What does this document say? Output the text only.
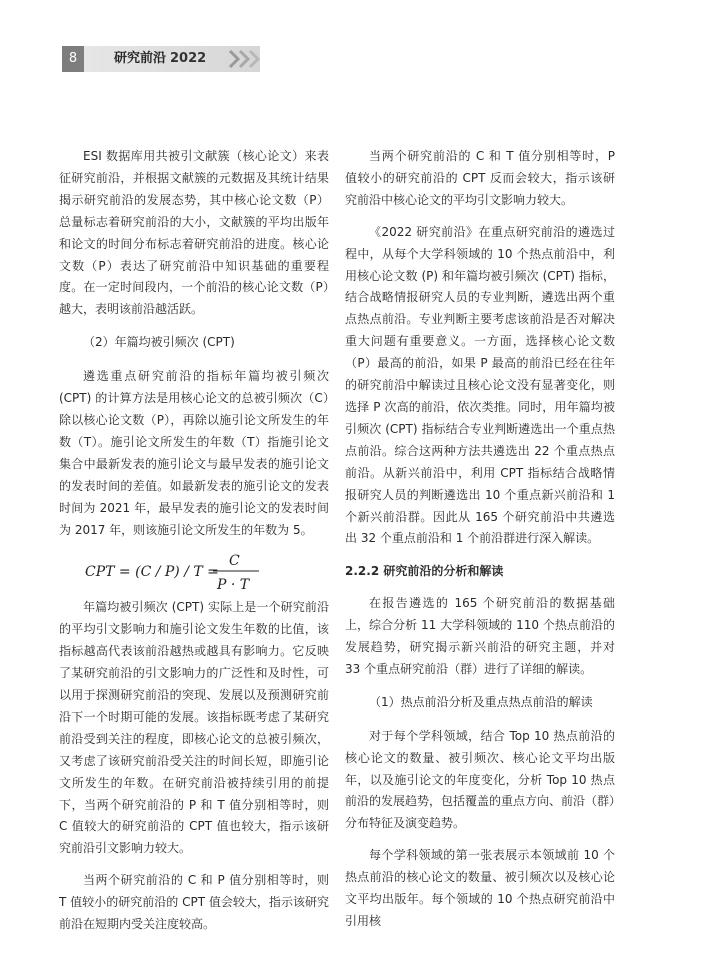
8	研究前沿 2022

ESI 数据库用共被引文献簇（核心论文）来表征研究前沿，并根据文献簇的元数据及其统计结果揭示研究前沿的发展态势，其中核心论文数（P）总量标志着研究前沿的大小，文献簇的平均出版年和论文的时间分布标志着研究前沿的进度。核心论文数（P）表达了研究前沿中知识基础的重要程度。在一定时间段内，一个前沿的核心论文数（P）越大，表明该前沿越活跃。

（2）年篇均被引频次 (CPT)

遴选重点研究前沿的指标年篇均被引频次 (CPT) 的计算方法是用核心论文的总被引频次（C）除以核心论文数（P），再除以施引论文所发生的年数（T）。施引论文所发生的年数（T）指施引论文集合中最新发表的施引论文与最早发表的施引论文的发表时间的差值。如最新发表的施引论文的发表时间为 2021 年，最早发表的施引论文的发表时间为 2017 年，则该施引论文所发生的年数为 5。

CPT = (C / P) / T =
C
P · T

年篇均被引频次 (CPT) 实际上是一个研究前沿的平均引文影响力和施引论文发生年数的比值，该指标越高代表该前沿越热或越具有影响力。它反映了某研究前沿的引文影响力的广泛性和及时性，可以用于探测研究前沿的突现、发展以及预测研究前沿下一个时期可能的发展。该指标既考虑了某研究前沿受到关注的程度，即核心论文的总被引频次，又考虑了该研究前沿受关注的时间长短，即施引论文所发生的年数。在研究前沿被持续引用的前提下，当两个研究前沿的 P 和 T 值分别相等时，则 C 值较大的研究前沿的 CPT 值也较大，指示该研究前沿引文影响力较大。

当两个研究前沿的 C 和 P 值分别相等时，则 T 值较小的研究前沿的 CPT 值会较大，指示该研究前沿在短期内受关注度较高。

当两个研究前沿的 C 和 T 值分别相等时，P 值较小的研究前沿的 CPT 反而会较大，指示该研究前沿中核心论文的平均引文影响力较大。

《2022 研究前沿》在重点研究前沿的遴选过程中，从每个大学科领域的 10 个热点前沿中，利用核心论文数 (P) 和年篇均被引频次 (CPT) 指标，结合战略情报研究人员的专业判断，遴选出两个重点热点前沿。专业判断主要考虑该前沿是否对解决重大问题有重要意义。一方面，选择核心论文数（P）最高的前沿，如果 P 最高的前沿已经在往年的研究前沿中解读过且核心论文没有显著变化，则选择 P 次高的前沿，依次类推。同时，用年篇均被引频次 (CPT) 指标结合专业判断遴选出一个重点热点前沿。综合这两种方法共遴选出 22 个重点热点前沿。从新兴前沿中，利用 CPT 指标结合战略情报研究人员的判断遴选出 10 个重点新兴前沿和 1 个新兴前沿群。因此从 165 个研究前沿中共遴选出 32 个重点前沿和 1 个前沿群进行深入解读。

2.2.2 研究前沿的分析和解读

在报告遴选的 165 个研究前沿的数据基础上，综合分析 11 大学科领域的 110 个热点前沿的发展趋势，研究揭示新兴前沿的研究主题，并对 33 个重点研究前沿（群）进行了详细的解读。

（1）热点前沿分析及重点热点前沿的解读

对于每个学科领域，结合 Top 10 热点前沿的核心论文的数量、被引频次、核心论文平均出版年，以及施引论文的年度变化，分析 Top 10 热点前沿的发展趋势，包括覆盖的重点方向、前沿（群）分布特征及演变趋势。

每个学科领域的第一张表展示本领域前 10 个热点前沿的核心论文的数量、被引频次以及核心论文平均出版年。每个领域的 10 个热点研究前沿中引用核
